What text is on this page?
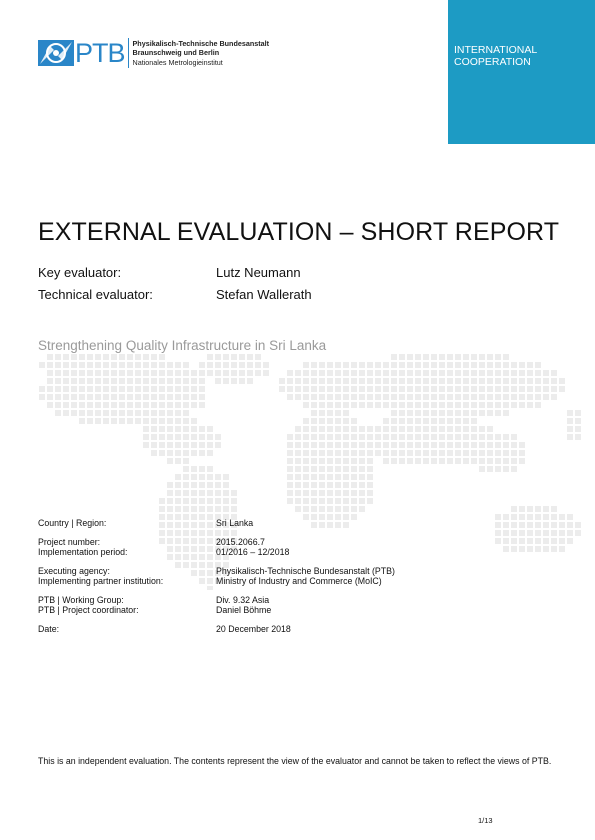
PTB Physikalisch-Technische Bundesanstalt
Braunschweig und Berlin
Nationales Metrologieinstitut
INTERNATIONAL
COOPERATION
EXTERNAL EVALUATION – SHORT REPORT
Key evaluator:	Lutz Neumann
Technical evaluator:	Stefan Wallerath
Strengthening Quality Infrastructure in Sri Lanka
Country | Region:	Sri Lanka
Project number:	2015.2066.7
Implementation period:	01/2016 – 12/2018
Executing agency:	Physikalisch-Technische Bundesanstalt (PTB)
Implementing partner institution:	Ministry of Industry and Commerce (MoIC)
PTB | Working Group:	Div. 9.32 Asia
PTB | Project coordinator:	Daniel Böhme
Date:	20 December 2018
This is an independent evaluation. The contents represent the view of the evaluator and cannot be taken to reflect the views of PTB.
1/13
